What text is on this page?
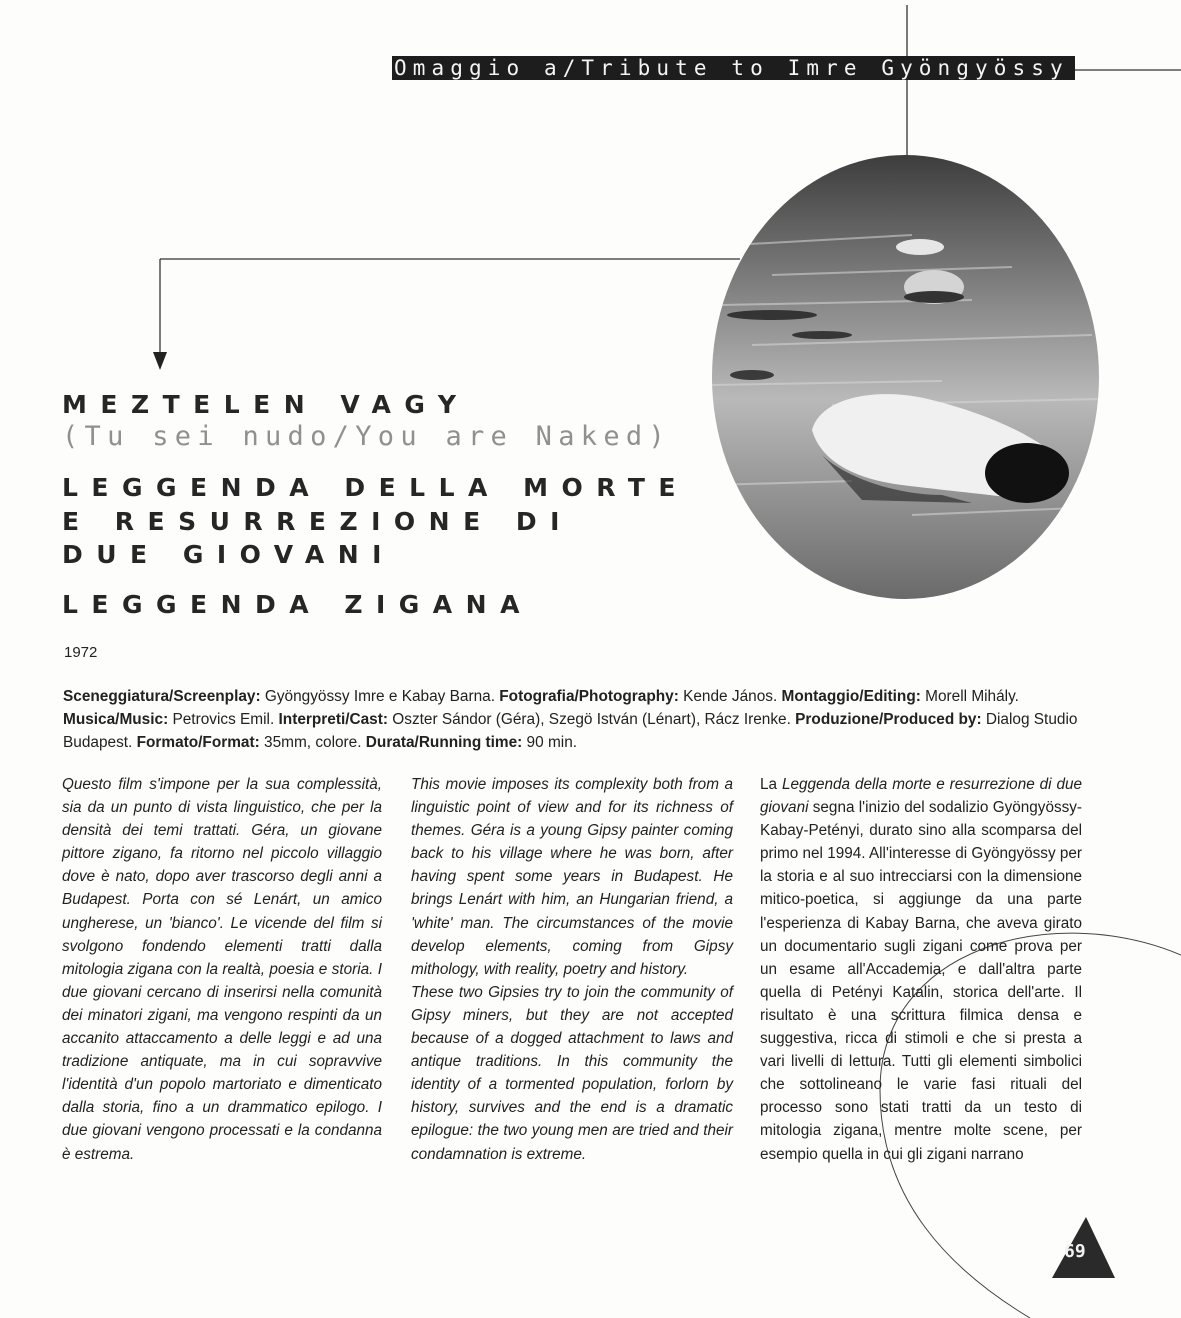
Omaggio a/Tribute to Imre Gyöngyössy
MEZTELEN VAGY
(Tu sei nudo/You are Naked)
LEGGENDA DELLA MORTE
E RESURREZIONE DI
DUE GIOVANI
LEGGENDA ZIGANA
1972
Sceneggiatura/Screenplay: Gyöngyössy Imre e Kabay Barna. Fotografia/Photography: Kende János. Montaggio/Editing: Morell Mihály. Musica/Music: Petrovics Emil. Interpreti/Cast: Oszter Sándor (Géra), Szegö István (Lénart), Rácz Irenke. Produzione/Produced by: Dialog Studio Budapest. Formato/Format: 35mm, colore. Durata/Running time: 90 min.

Questo film s'impone per la sua complessità, sia da un punto di vista linguistico, che per la densità dei temi trattati. Géra, un giovane pittore zigano, fa ritorno nel piccolo villaggio dove è nato, dopo aver trascorso degli anni a Budapest. Porta con sé Lenárt, un amico ungherese, un 'bianco'. Le vicende del film si svolgono fondendo elementi tratti dalla mitologia zigana con la realtà, poesia e storia. I due giovani cercano di inserirsi nella comunità dei minatori zigani, ma vengono respinti da un accanito attaccamento a delle leggi e ad una tradizione antiquate, ma in cui sopravvive l'identità d'un popolo martoriato e dimenticato dalla storia, fino a un drammatico epilogo. I due giovani vengono processati e la condanna è estrema.

This movie imposes its complexity both from a linguistic point of view and for its richness of themes. Géra is a young Gipsy painter coming back to his village where he was born, after having spent some years in Budapest. He brings Lenárt with him, an Hungarian friend, a 'white' man. The circumstances of the movie develop elements, coming from Gipsy mithology, with reality, poetry and history.

These two Gipsies try to join the community of Gipsy miners, but they are not accepted because of a dogged attachment to laws and antique traditions. In this community the identity of a tormented population, forlorn by history, survives and the end is a dramatic epilogue: the two young men are tried and their condamnation is extreme.

La Leggenda della morte e resurrezione di due giovani segna l'inizio del sodalizio Gyöngyössy-Kabay-Petényi, durato sino alla scomparsa del primo nel 1994. All'interesse di Gyöngyössy per la storia e al suo intrecciarsi con la dimensione mitico-poetica, si aggiunge da una parte l'esperienza di Kabay Barna, che aveva girato un documentario sugli zigani come prova per un esame all'Accademia, e dall'altra parte quella di Petényi Katalin, storica dell'arte. Il risultato è una scrittura filmica densa e suggestiva, ricca di stimoli e che si presta a vari livelli di lettura. Tutti gli elementi simbolici che sottolineano le varie fasi rituali del processo sono stati tratti da un testo di mitologia zigana, mentre molte scene, per esempio quella in cui gli zigani narrano

69
